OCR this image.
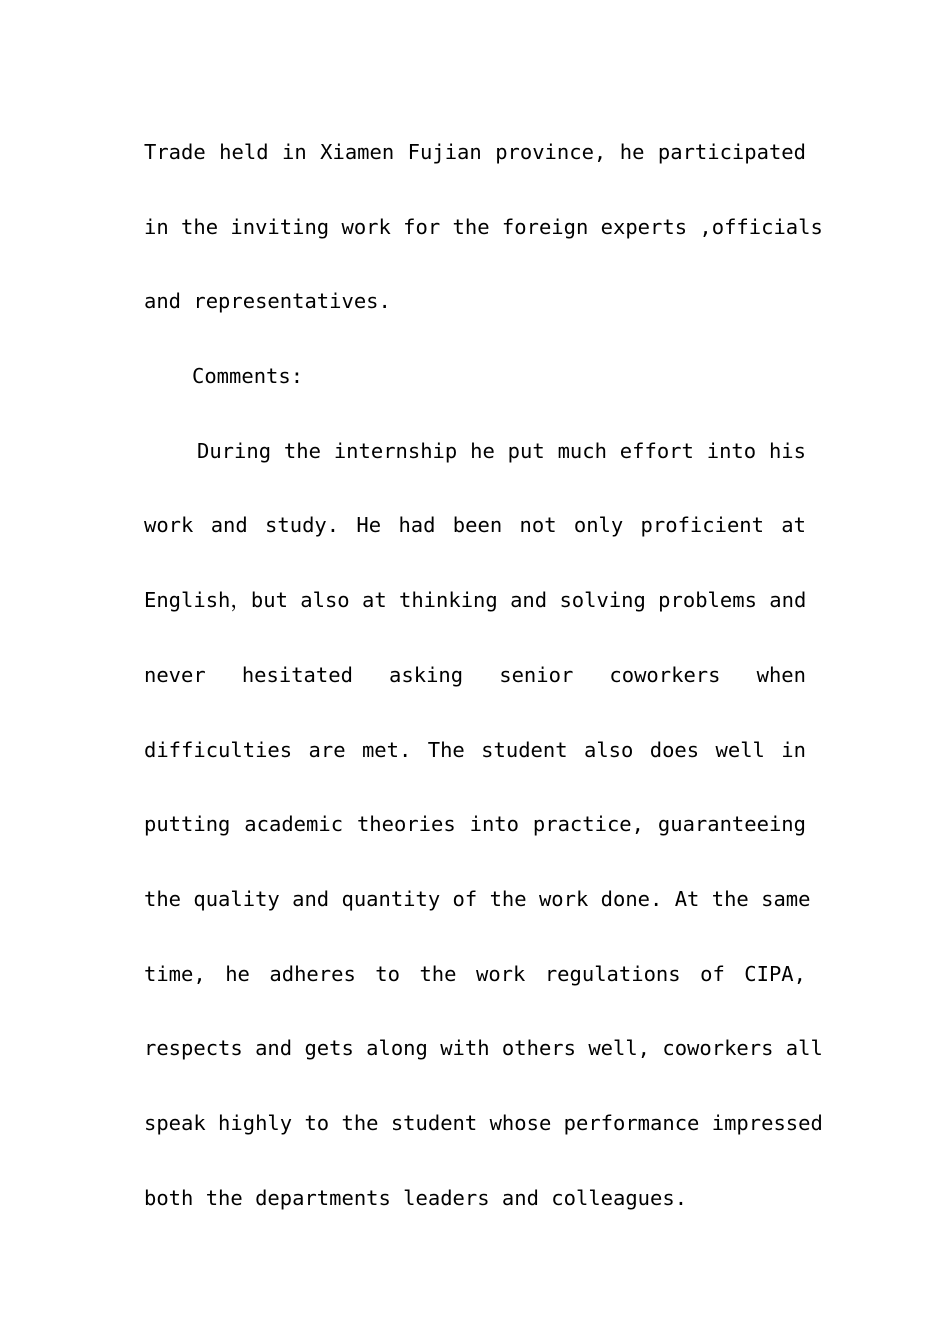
Trade held in Xiamen Fujian province, he participated
in the inviting work for the foreign experts ,officials
and representatives.
Comments:
During the internship he put much effort into his
work and study. He had been not only proficient at
English，but also at thinking and solving problems and
never hesitated asking senior coworkers when
difficulties are met. The student also does well in
putting academic theories into practice, guaranteeing
the quality and quantity of the work done. At the same
time, he adheres to the work regulations of CIPA,
respects and gets along with others well, coworkers all
speak highly to the student whose performance impressed
both the departments leaders and colleagues.
